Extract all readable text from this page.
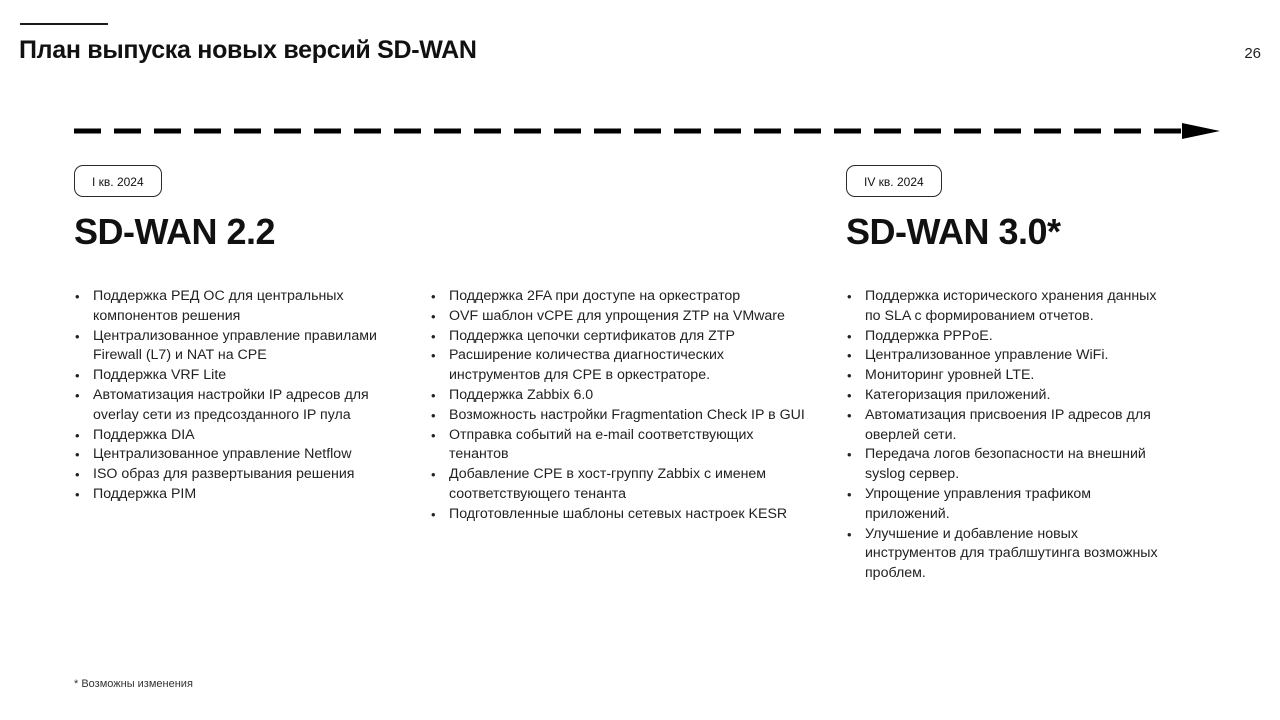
План выпуска новых версий SD-WAN	26
I кв. 2024
SD-WAN 2.2
IV кв. 2024
SD-WAN 3.0*
• Поддержка РЕД ОС для центральных компонентов решения
• Централизованное управление правилами Firewall (L7) и NAT на CPE
• Поддержка VRF Lite
• Автоматизация настройки IP адресов для overlay сети из предсозданного IP пула
• Поддержка DIA
• Централизованное управление Netflow
• ISO образ для развертывания решения
• Поддержка PIM
• Поддержка 2FA при доступе на оркестратор
• OVF шаблон vCPE для упрощения ZTP на VMware
• Поддержка цепочки сертификатов для ZTP
• Расширение количества диагностических инструментов для CPE в оркестраторе.
• Поддержка Zabbix 6.0
• Возможность настройки Fragmentation Check IP в GUI
• Отправка событий на e-mail соответствующих тенантов
• Добавление CPE в хост-группу Zabbix с именем соответствующего тенанта
• Подготовленные шаблоны сетевых настроек KESR
• Поддержка исторического хранения данных по SLA с формированием отчетов.
• Поддержка PPPoE.
• Централизованное управление WiFi.
• Мониторинг уровней LTE.
• Категоризация приложений.
• Автоматизация присвоения IP адресов для оверлей сети.
• Передача логов безопасности на внешний syslog сервер.
• Упрощение управления трафиком приложений.
• Улучшение и добавление новых инструментов для траблшутинга возможных проблем.
* Возможны изменения
